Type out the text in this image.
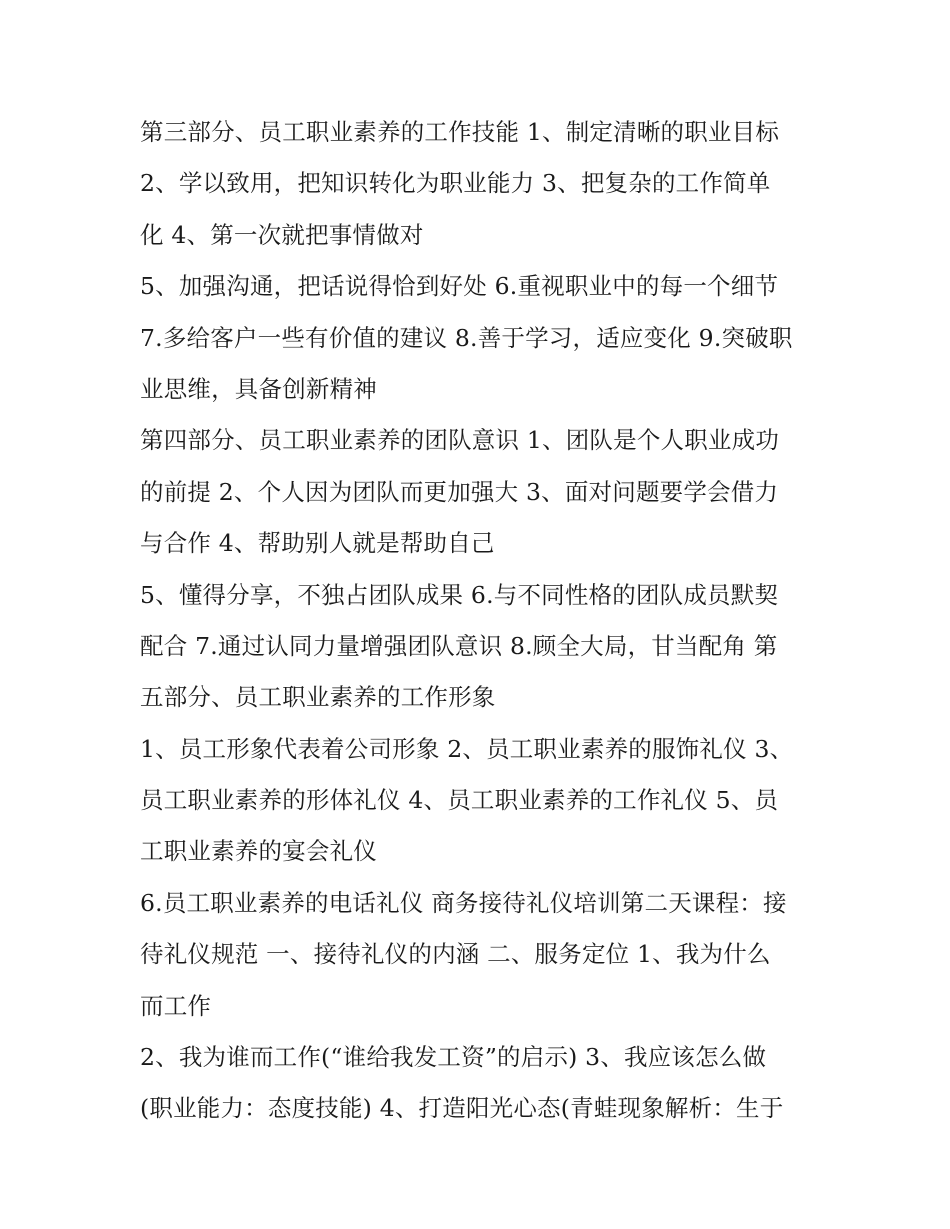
第三部分、员工职业素养的工作技能 1、制定清晰的职业目标
2、学以致用，把知识转化为职业能力 3、把复杂的工作简单
化 4、第一次就把事情做对
5、加强沟通，把话说得恰到好处 6.重视职业中的每一个细节
7.多给客户一些有价值的建议 8.善于学习，适应变化 9.突破职
业思维，具备创新精神
第四部分、员工职业素养的团队意识 1、团队是个人职业成功
的前提 2、个人因为团队而更加强大 3、面对问题要学会借力
与合作 4、帮助别人就是帮助自己
5、懂得分享，不独占团队成果 6.与不同性格的团队成员默契
配合 7.通过认同力量增强团队意识 8.顾全大局，甘当配角 第
五部分、员工职业素养的工作形象
1、员工形象代表着公司形象 2、员工职业素养的服饰礼仪 3、
员工职业素养的形体礼仪 4、员工职业素养的工作礼仪 5、员
工职业素养的宴会礼仪
6.员工职业素养的电话礼仪 商务接待礼仪培训第二天课程：接
待礼仪规范 一、接待礼仪的内涵 二、服务定位 1、我为什么
而工作
2、我为谁而工作(“谁给我发工资”的启示) 3、我应该怎么做
(职业能力：态度技能) 4、打造阳光心态(青蛙现象解析：生于
